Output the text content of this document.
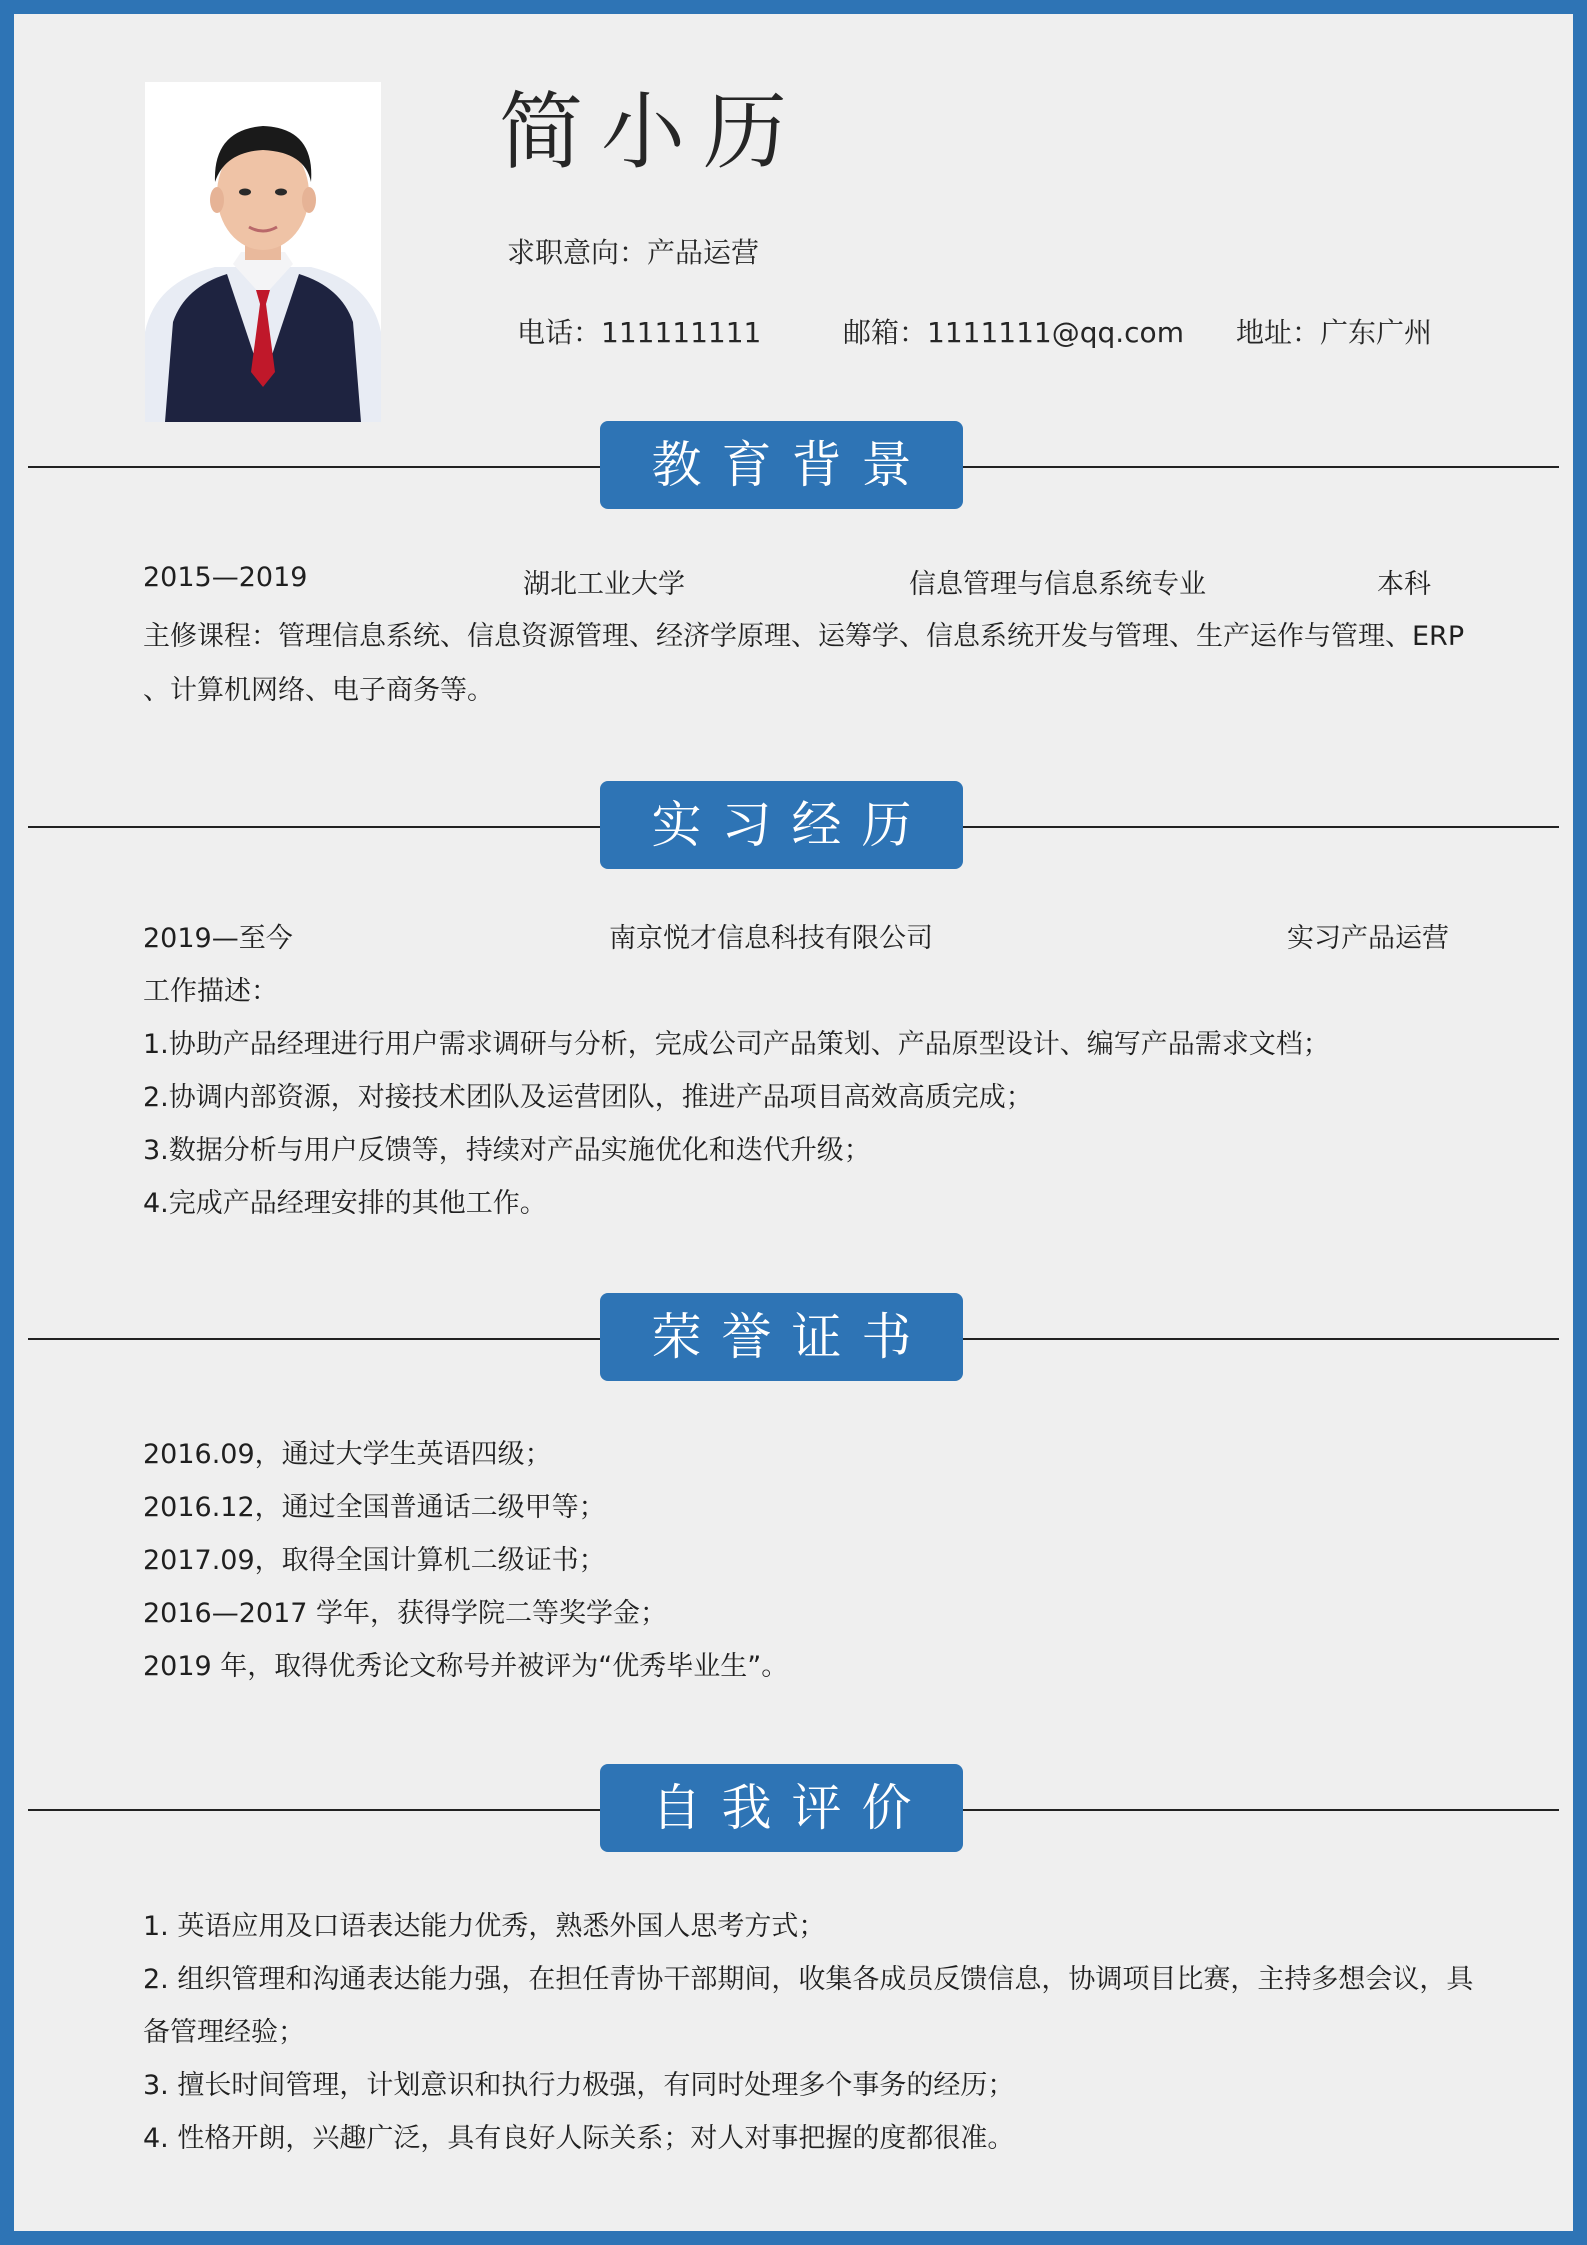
简小历
求职意向：产品运营
电话：111111111	邮箱：1111111@qq.com 地址：广东广州
教育背景
2015—2019	湖北工业大学	信息管理与信息系统专业	本科
主修课程：管理信息系统、信息资源管理、经济学原理、运筹学、信息系统开发与管理、生产运作与管理、ERP
、计算机网络、电子商务等。
实习经历
2019—至今	南京悦才信息科技有限公司	实习产品运营
工作描述：
1.协助产品经理进行用户需求调研与分析，完成公司产品策划、产品原型设计、编写产品需求文档；
2.协调内部资源，对接技术团队及运营团队，推进产品项目高效高质完成；
3.数据分析与用户反馈等，持续对产品实施优化和迭代升级；
4.完成产品经理安排的其他工作。
荣誉证书
2016.09，通过大学生英语四级；
2016.12，通过全国普通话二级甲等；
2017.09，取得全国计算机二级证书；
2016—2017 学年，获得学院二等奖学金；
2019 年，取得优秀论文称号并被评为“优秀毕业生”。
自我评价
1. 英语应用及口语表达能力优秀，熟悉外国人思考方式；
2. 组织管理和沟通表达能力强，在担任青协干部期间，收集各成员反馈信息，协调项目比赛，主持多想会议，具
备管理经验；
3. 擅长时间管理，计划意识和执行力极强，有同时处理多个事务的经历；
4. 性格开朗，兴趣广泛，具有良好人际关系；对人对事把握的度都很准。
